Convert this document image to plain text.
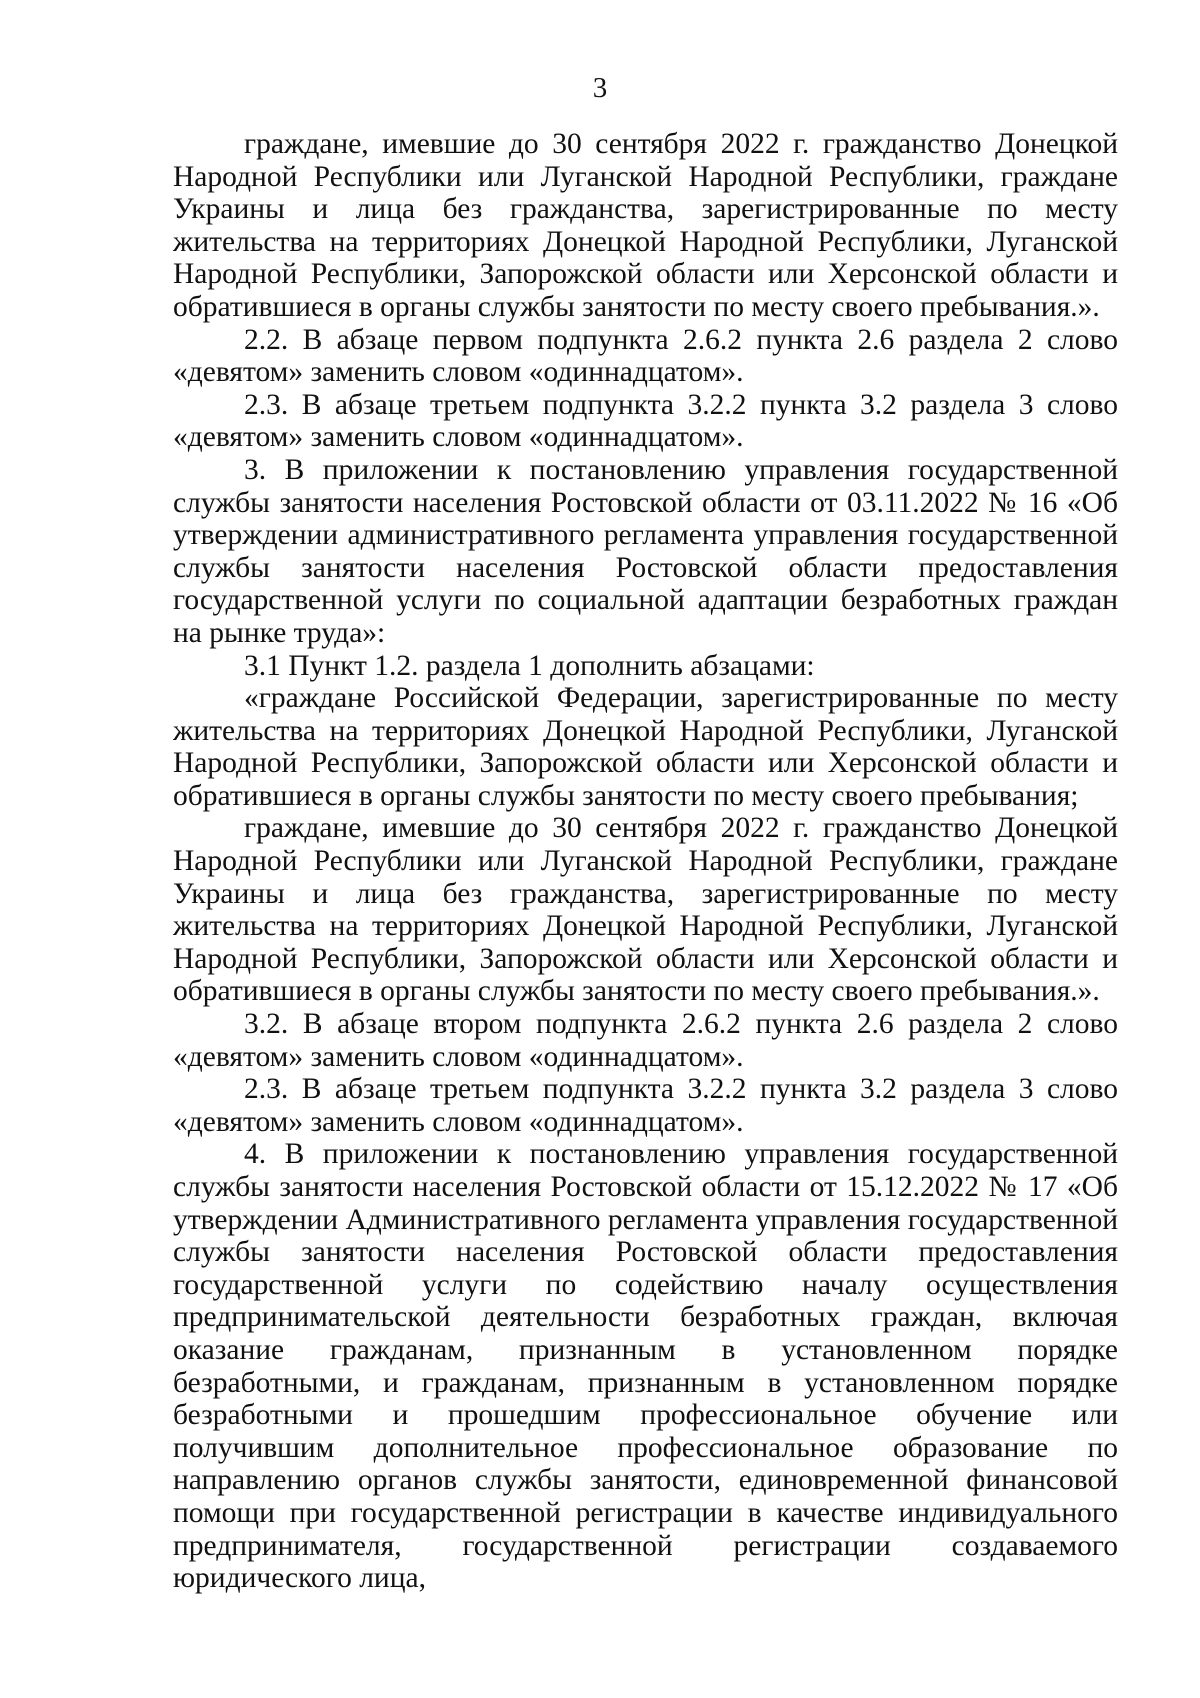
3

граждане, имевшие до 30 сентября 2022 г. гражданство Донецкой Народной Республики или Луганской Народной Республики, граждане Украины и лица без гражданства, зарегистрированные по месту жительства на территориях Донецкой Народной Республики, Луганской Народной Республики, Запорожской области или Херсонской области и обратившиеся в органы службы занятости по месту своего пребывания.».

2.2. В абзаце первом подпункта 2.6.2 пункта 2.6 раздела 2 слово «девятом» заменить словом «одиннадцатом».

2.3. В абзаце третьем подпункта 3.2.2 пункта 3.2 раздела 3 слово «девятом» заменить словом «одиннадцатом».

3. В приложении к постановлению управления государственной службы занятости населения Ростовской области от 03.11.2022 № 16 «Об утверждении административного регламента управления государственной службы занятости населения Ростовской области предоставления государственной услуги по социальной адаптации безработных граждан на рынке труда»:

3.1 Пункт 1.2. раздела 1 дополнить абзацами:

«граждане Российской Федерации, зарегистрированные по месту жительства на территориях Донецкой Народной Республики, Луганской Народной Республики, Запорожской области или Херсонской области и обратившиеся в органы службы занятости по месту своего пребывания;

граждане, имевшие до 30 сентября 2022 г. гражданство Донецкой Народной Республики или Луганской Народной Республики, граждане Украины и лица без гражданства, зарегистрированные по месту жительства на территориях Донецкой Народной Республики, Луганской Народной Республики, Запорожской области или Херсонской области и обратившиеся в органы службы занятости по месту своего пребывания.».

3.2. В абзаце втором подпункта 2.6.2 пункта 2.6 раздела 2 слово «девятом» заменить словом «одиннадцатом».

2.3. В абзаце третьем подпункта 3.2.2 пункта 3.2 раздела 3 слово «девятом» заменить словом «одиннадцатом».

4. В приложении к постановлению управления государственной службы занятости населения Ростовской области от 15.12.2022 № 17 «Об утверждении Административного регламента управления государственной службы занятости населения Ростовской области предоставления государственной услуги по содействию началу осуществления предпринимательской деятельности безработных граждан, включая оказание гражданам, признанным в установленном порядке безработными, и гражданам, признанным в установленном порядке безработными и прошедшим профессиональное обучение или получившим дополнительное профессиональное образование по направлению органов службы занятости, единовременной финансовой помощи при государственной регистрации в качестве индивидуального предпринимателя, государственной регистрации создаваемого юридического лица,
